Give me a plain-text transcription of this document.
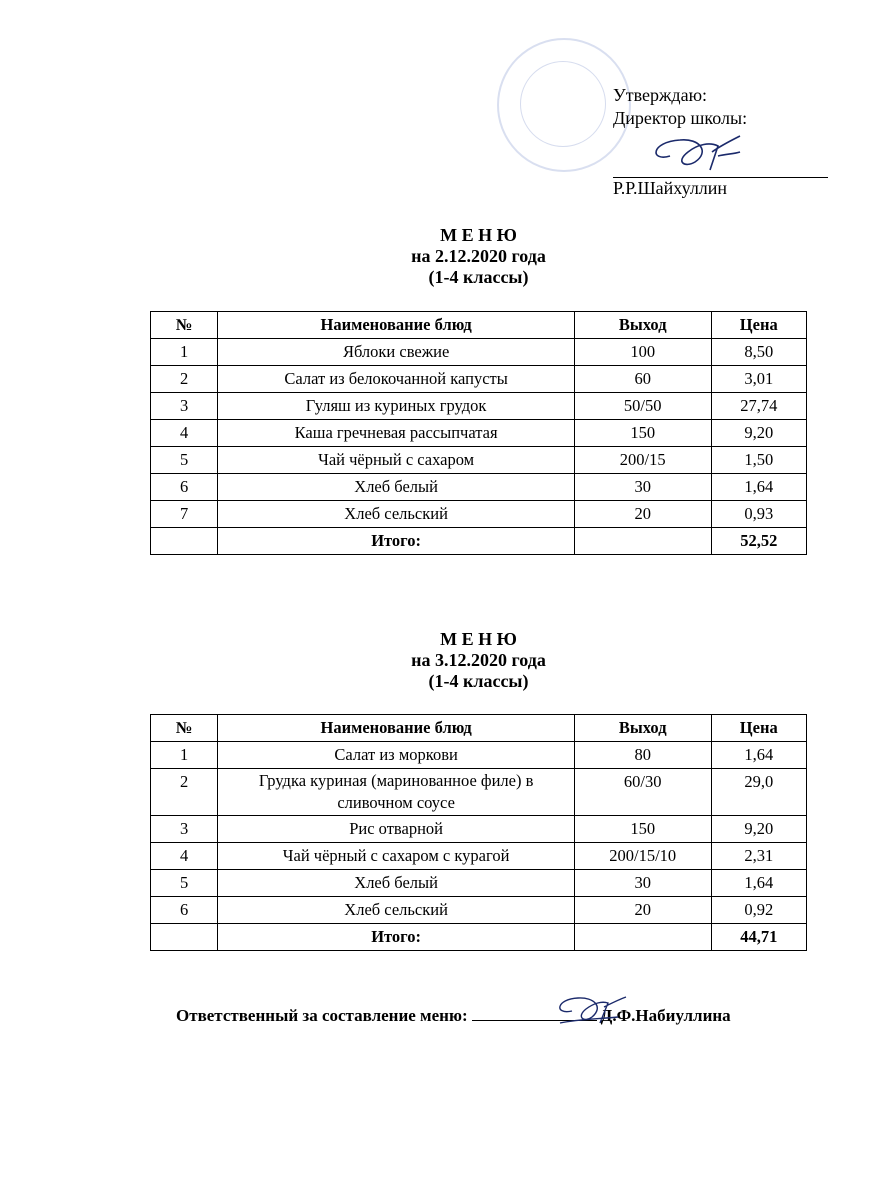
Утверждаю:
Директор школы:
Р.Р.Шайхуллин
М Е Н Ю
на 2.12.2020 года
(1-4 классы)
№	Наименование блюд	Выход	Цена
1	Яблоки свежие	100	8,50
2	Салат из белокочанной капусты	60	3,01
3	Гуляш из куриных грудок	50/50	27,74
4	Каша гречневая рассыпчатая	150	9,20
5	Чай чёрный с сахаром	200/15	1,50
6	Хлеб белый	30	1,64
7	Хлеб сельский	20	0,93
	Итого:		52,52
М Е Н Ю
на 3.12.2020 года
(1-4 классы)
№	Наименование блюд	Выход	Цена
1	Салат из моркови	80	1,64
2	Грудка куриная (маринованное филе) в сливочном соусе	60/30	29,0
3	Рис отварной	150	9,20
4	Чай чёрный с сахаром с курагой	200/15/10	2,31
5	Хлеб белый	30	1,64
6	Хлеб сельский	20	0,92
	Итого:		44,71
Ответственный за составление меню:	Д.Ф.Набиуллина
